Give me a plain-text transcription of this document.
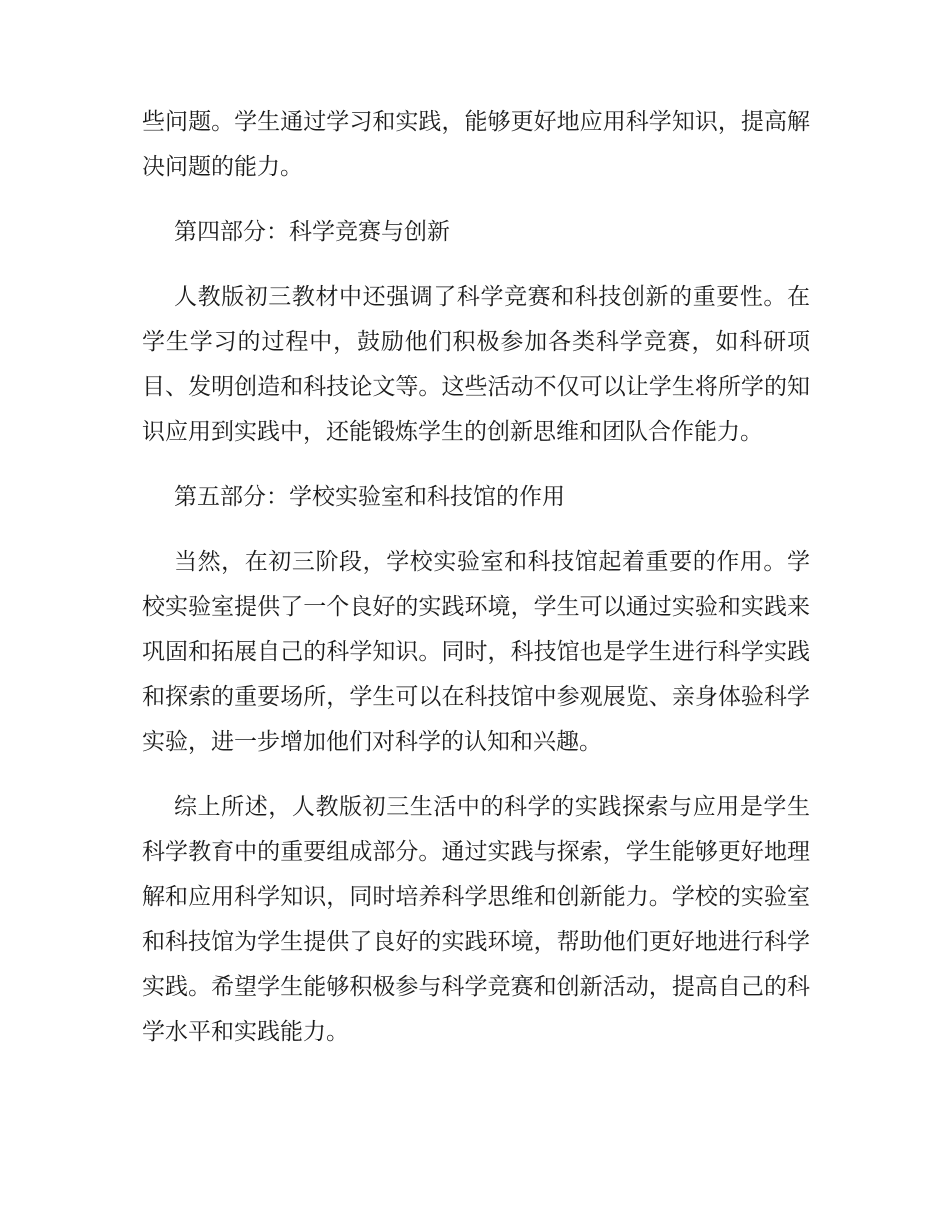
些问题。学生通过学习和实践，能够更好地应用科学知识，提高解决问题的能力。

第四部分：科学竞赛与创新

人教版初三教材中还强调了科学竞赛和科技创新的重要性。在学生学习的过程中，鼓励他们积极参加各类科学竞赛，如科研项目、发明创造和科技论文等。这些活动不仅可以让学生将所学的知识应用到实践中，还能锻炼学生的创新思维和团队合作能力。

第五部分：学校实验室和科技馆的作用

当然，在初三阶段，学校实验室和科技馆起着重要的作用。学校实验室提供了一个良好的实践环境，学生可以通过实验和实践来巩固和拓展自己的科学知识。同时，科技馆也是学生进行科学实践和探索的重要场所，学生可以在科技馆中参观展览、亲身体验科学实验，进一步增加他们对科学的认知和兴趣。

综上所述，人教版初三生活中的科学的实践探索与应用是学生科学教育中的重要组成部分。通过实践与探索，学生能够更好地理解和应用科学知识，同时培养科学思维和创新能力。学校的实验室和科技馆为学生提供了良好的实践环境，帮助他们更好地进行科学实践。希望学生能够积极参与科学竞赛和创新活动，提高自己的科学水平和实践能力。
